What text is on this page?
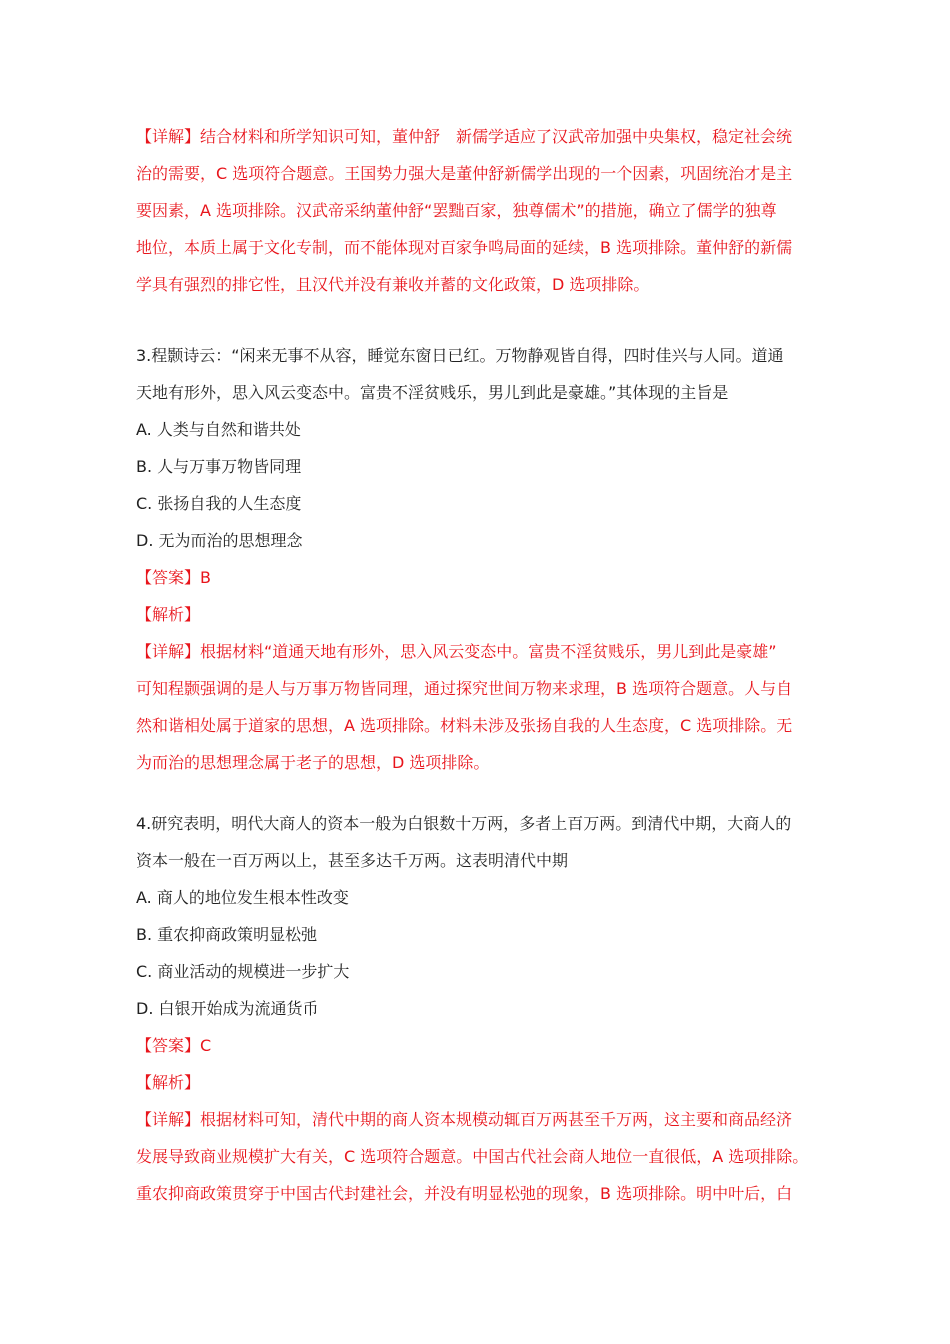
【详解】结合材料和所学知识可知，董仲舒　新儒学适应了汉武帝加强中央集权，稳定社会统
治的需要，C 选项符合题意。王国势力强大是董仲舒新儒学出现的一个因素，巩固统治才是主
要因素，A 选项排除。汉武帝采纳董仲舒“罢黜百家，独尊儒术”的措施，确立了儒学的独尊
地位，本质上属于文化专制，而不能体现对百家争鸣局面的延续，B 选项排除。董仲舒的新儒
学具有强烈的排它性，且汉代并没有兼收并蓄的文化政策，D 选项排除。
3.程颢诗云：“闲来无事不从容，睡觉东窗日已红。万物静观皆自得，四时佳兴与人同。道通
天地有形外，思入风云变态中。富贵不淫贫贱乐，男儿到此是豪雄。”其体现的主旨是
A. 人类与自然和谐共处
B. 人与万事万物皆同理
C. 张扬自我的人生态度
D. 无为而治的思想理念
【答案】B
【解析】
【详解】根据材料“道通天地有形外，思入风云变态中。富贵不淫贫贱乐，男儿到此是豪雄”
可知程颢强调的是人与万事万物皆同理，通过探究世间万物来求理，B 选项符合题意。人与自
然和谐相处属于道家的思想，A 选项排除。材料未涉及张扬自我的人生态度，C 选项排除。无
为而治的思想理念属于老子的思想，D 选项排除。
4.研究表明，明代大商人的资本一般为白银数十万两，多者上百万两。到清代中期，大商人的
资本一般在一百万两以上，甚至多达千万两。这表明清代中期
A. 商人的地位发生根本性改变
B. 重农抑商政策明显松弛
C. 商业活动的规模进一步扩大
D. 白银开始成为流通货币
【答案】C
【解析】
【详解】根据材料可知，清代中期的商人资本规模动辄百万两甚至千万两，这主要和商品经济
发展导致商业规模扩大有关，C 选项符合题意。中国古代社会商人地位一直很低，A 选项排除。
重农抑商政策贯穿于中国古代封建社会，并没有明显松弛的现象，B 选项排除。明中叶后，白
